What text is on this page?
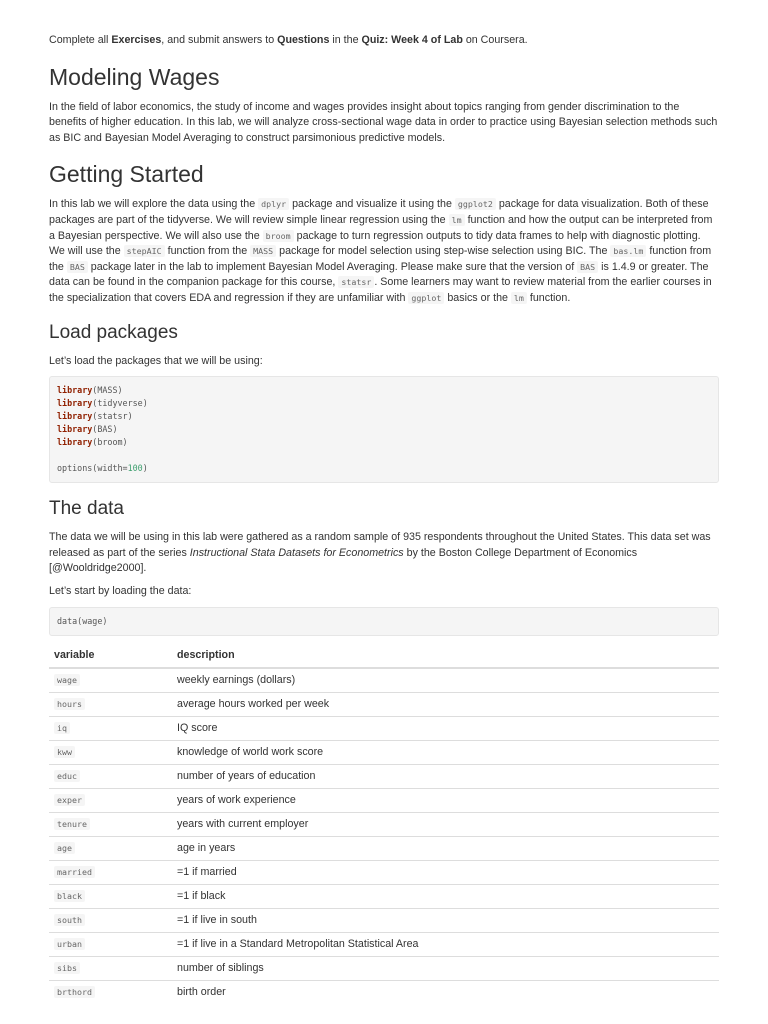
Complete all Exercises, and submit answers to Questions in the Quiz: Week 4 of Lab on Coursera.

Modeling Wages

In the field of labor economics, the study of income and wages provides insight about topics ranging from gender discrimination to the benefits of higher education. In this lab, we will analyze cross-sectional wage data in order to practice using Bayesian selection methods such as BIC and Bayesian Model Averaging to construct parsimonious predictive models.

Getting Started

In this lab we will explore the data using the dplyr package and visualize it using the ggplot2 package for data visualization. Both of these packages are part of the tidyverse. We will review simple linear regression using the lm function and how the output can be interpreted from a Bayesian perspective. We will also use the broom package to turn regression outputs to tidy data frames to help with diagnostic plotting. We will use the stepAIC function from the MASS package for model selection using step-wise selection using BIC. The bas.lm function from the BAS package later in the lab to implement Bayesian Model Averaging. Please make sure that the version of BAS is 1.4.9 or greater. The data can be found in the companion package for this course, statsr . Some learners may want to review material from the earlier courses in the specialization that covers EDA and regression if they are unfamiliar with ggplot basics or the lm function.

Load packages

Let’s load the packages that we will be using:

library(MASS)
library(tidyverse)
library(statsr)
library(BAS)
library(broom)

options(width=100)
The data

The data we will be using in this lab were gathered as a random sample of 935 respondents throughout the United States. This data set was released as part of the series Instructional Stata Datasets for Econometrics by the Boston College Department of Economics [@Wooldridge2000].

Let’s start by loading the data:

data(wage)
variable	description
wage	weekly earnings (dollars)
hours	average hours worked per week
iq	IQ score
kww	knowledge of world work score
educ	number of years of education
exper	years of work experience
tenure	years with current employer
age	age in years
married	=1 if married
black	=1 if black
south	=1 if live in south
urban	=1 if live in a Standard Metropolitan Statistical Area
sibs	number of siblings
brthord	birth order
